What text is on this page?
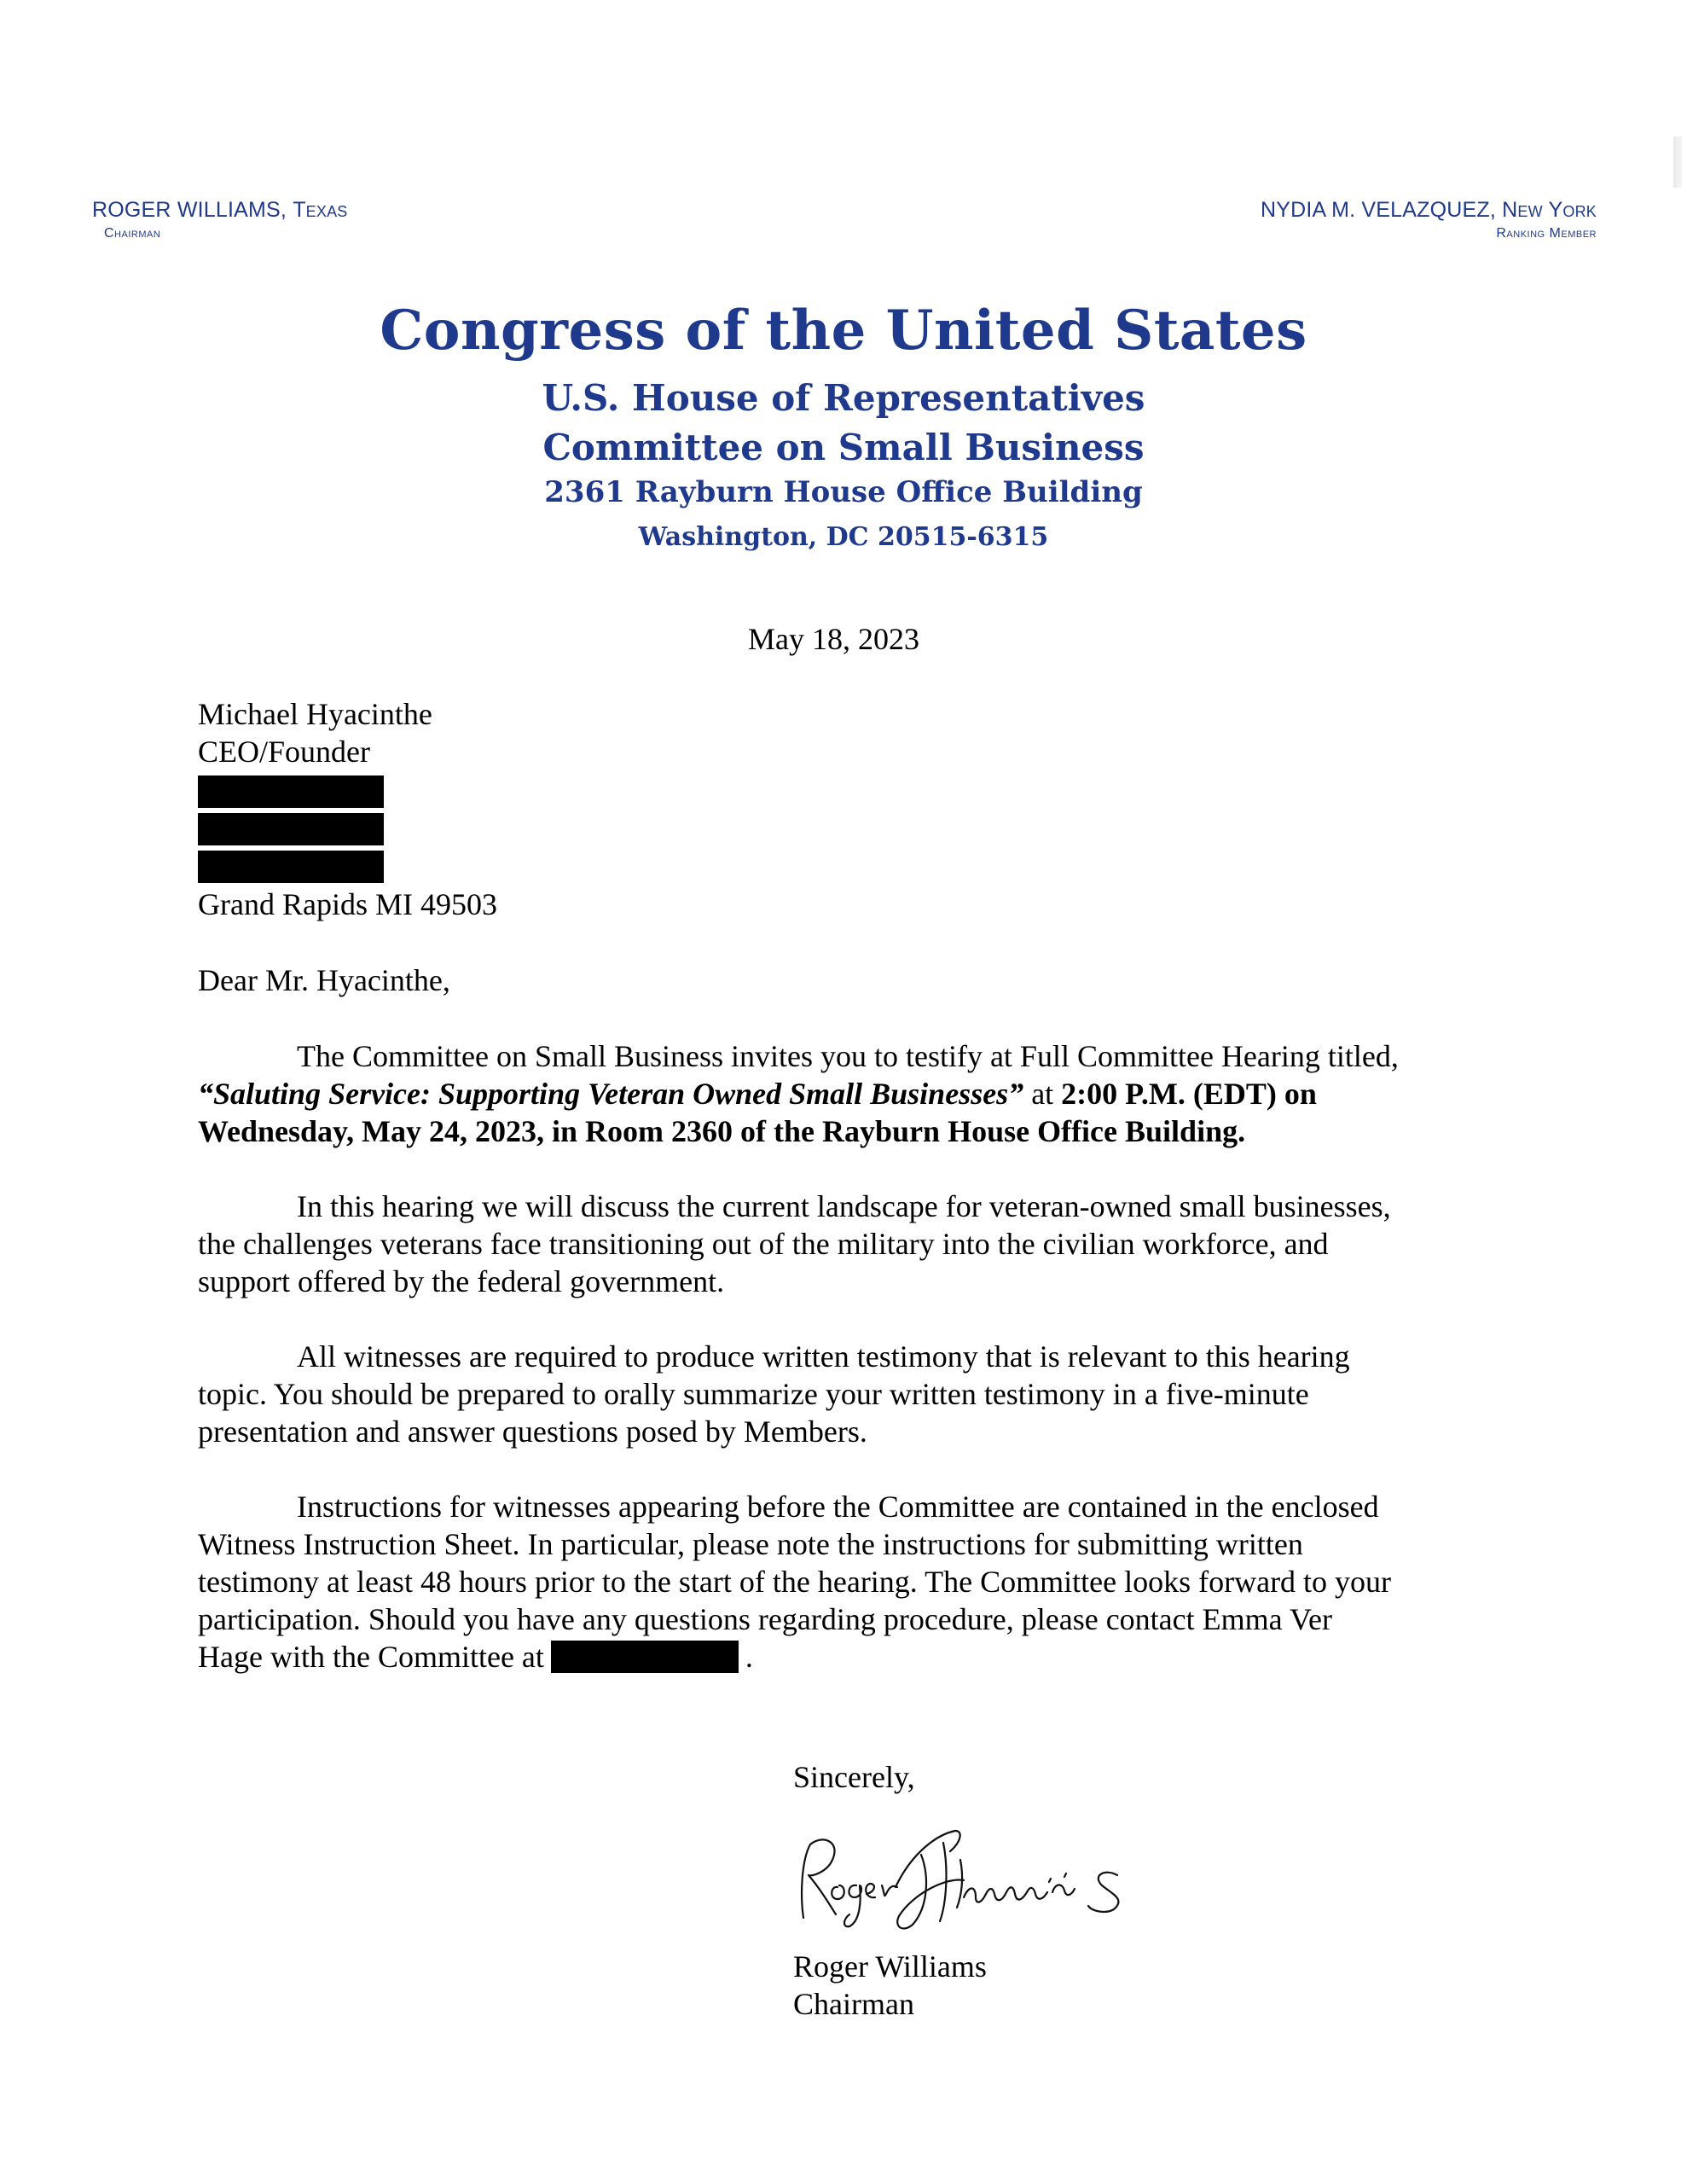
ROGER WILLIAMS, Texas
Chairman
NYDIA M. VELAZQUEZ, New York
Ranking Member
Congress of the United States
U.S. House of Representatives
Committee on Small Business
2361 Rayburn House Office Building
Washington, DC 20515-6315
May 18, 2023
Michael Hyacinthe
CEO/Founder
Grand Rapids MI 49503
Dear Mr. Hyacinthe,
The Committee on Small Business invites you to testify at Full Committee Hearing titled,
“Saluting Service: Supporting Veteran Owned Small Businesses” at 2:00 P.M. (EDT) on
Wednesday, May 24, 2023, in Room 2360 of the Rayburn House Office Building.
In this hearing we will discuss the current landscape for veteran-owned small businesses,
the challenges veterans face transitioning out of the military into the civilian workforce, and
support offered by the federal government.
All witnesses are required to produce written testimony that is relevant to this hearing
topic. You should be prepared to orally summarize your written testimony in a five-minute
presentation and answer questions posed by Members.
Instructions for witnesses appearing before the Committee are contained in the enclosed
Witness Instruction Sheet. In particular, please note the instructions for submitting written
testimony at least 48 hours prior to the start of the hearing. The Committee looks forward to your
participation. Should you have any questions regarding procedure, please contact Emma Ver
Hage with the Committee at	.
Sincerely,
Roger Williams
Chairman
